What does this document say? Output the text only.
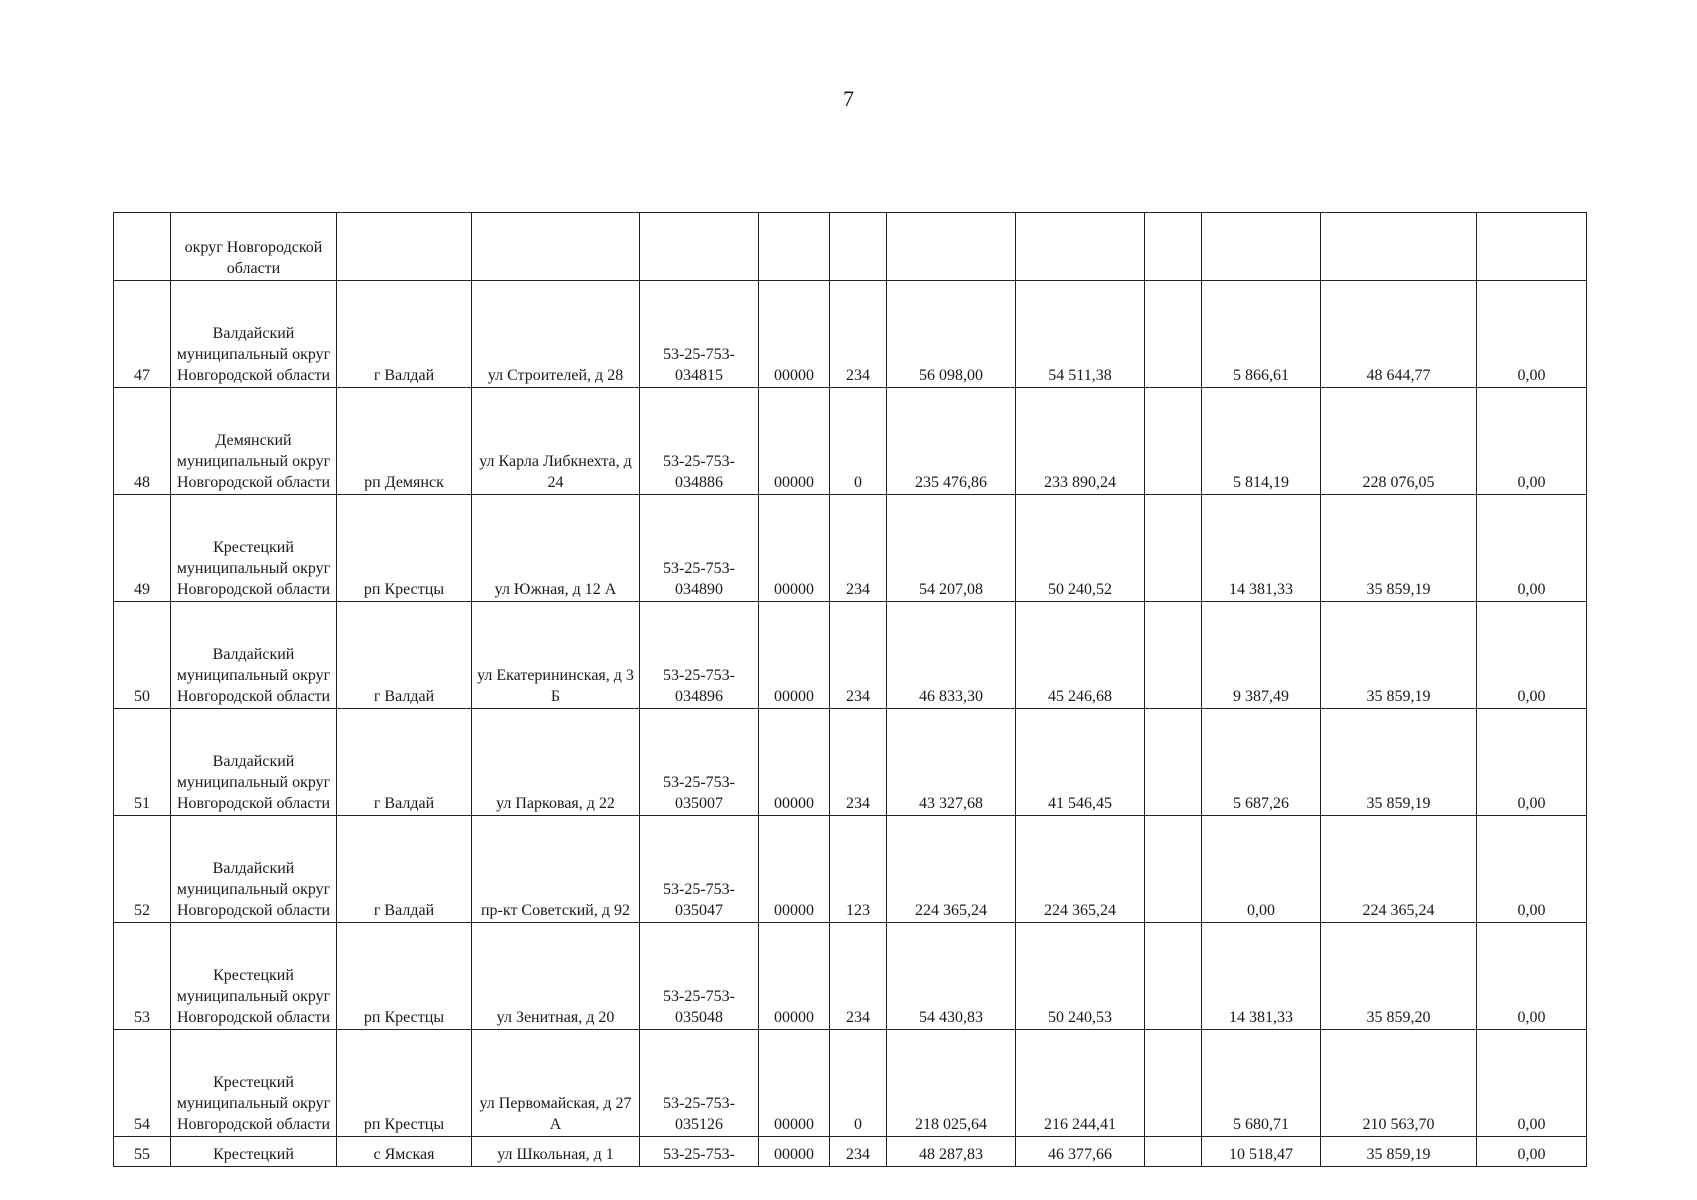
7
	округ Новгородской области											
47	Валдайский муниципальный округ Новгородской области	г Валдай	ул Строителей, д 28	53-25-753-034815	00000	234	56 098,00	54 511,38		5 866,61	48 644,77	0,00
48	Демянский муниципальный округ Новгородской области	рп Демянск	ул Карла Либкнехта, д 24	53-25-753-034886	00000	0	235 476,86	233 890,24		5 814,19	228 076,05	0,00
49	Крестецкий муниципальный округ Новгородской области	рп Крестцы	ул Южная, д 12 А	53-25-753-034890	00000	234	54 207,08	50 240,52		14 381,33	35 859,19	0,00
50	Валдайский муниципальный округ Новгородской области	г Валдай	ул Екатерининская, д 3 Б	53-25-753-034896	00000	234	46 833,30	45 246,68		9 387,49	35 859,19	0,00
51	Валдайский муниципальный округ Новгородской области	г Валдай	ул Парковая, д 22	53-25-753-035007	00000	234	43 327,68	41 546,45		5 687,26	35 859,19	0,00
52	Валдайский муниципальный округ Новгородской области	г Валдай	пр-кт Советский, д 92	53-25-753-035047	00000	123	224 365,24	224 365,24		0,00	224 365,24	0,00
53	Крестецкий муниципальный округ Новгородской области	рп Крестцы	ул Зенитная, д 20	53-25-753-035048	00000	234	54 430,83	50 240,53		14 381,33	35 859,20	0,00
54	Крестецкий муниципальный округ Новгородской области	рп Крестцы	ул Первомайская, д 27 А	53-25-753-035126	00000	0	218 025,64	216 244,41		5 680,71	210 563,70	0,00
55	Крестецкий	с Ямская	ул Школьная, д 1	53-25-753-	00000	234	48 287,83	46 377,66		10 518,47	35 859,19	0,00
